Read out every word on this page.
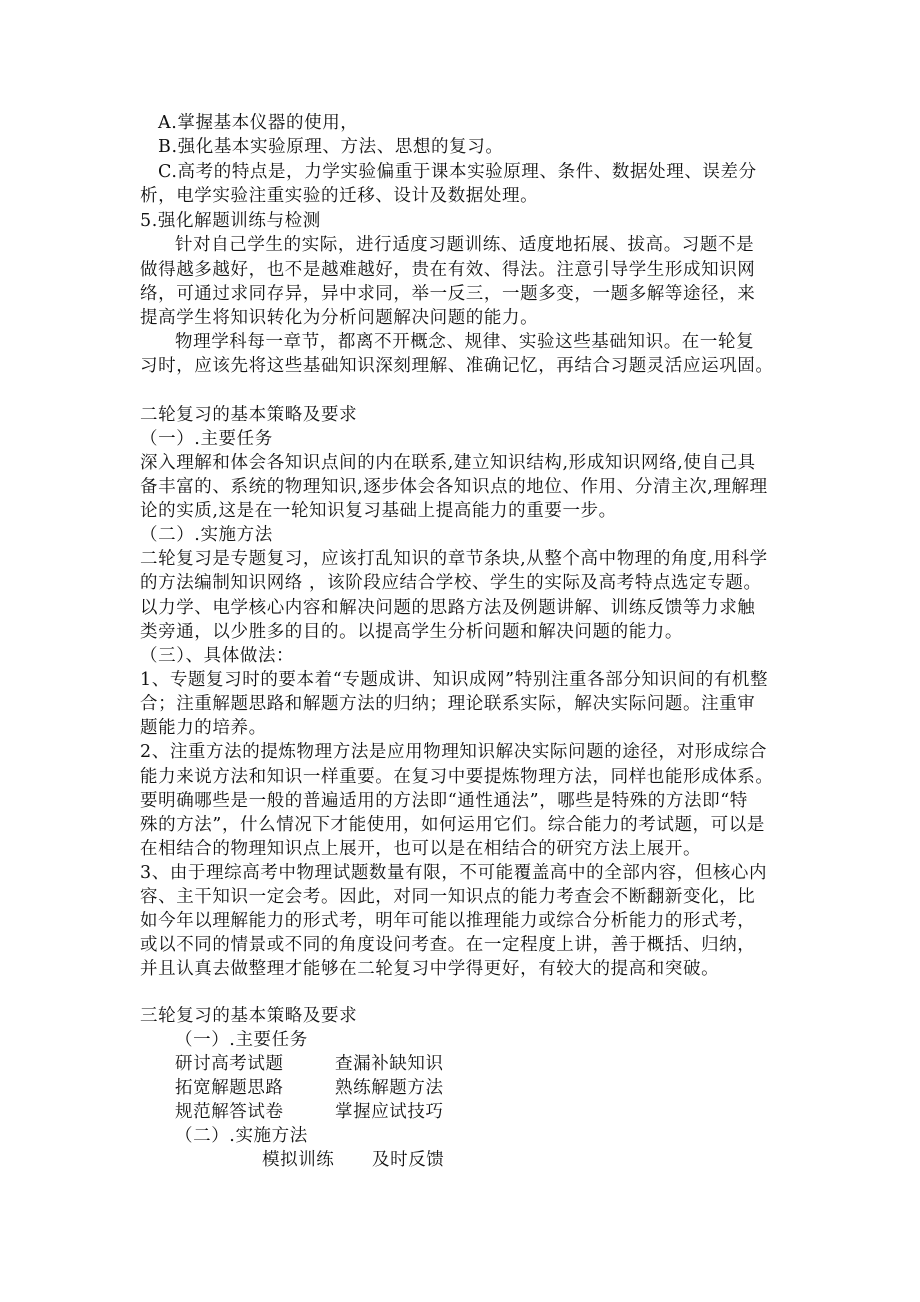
A.掌握基本仪器的使用，
B.强化基本实验原理、方法、思想的复习。
C.高考的特点是，力学实验偏重于课本实验原理、条件、数据处理、误差分
析，电学实验注重实验的迁移、设计及数据处理。
5.强化解题训练与检测
针对自己学生的实际，进行适度习题训练、适度地拓展、拔高。习题不是
做得越多越好，也不是越难越好，贵在有效、得法。注意引导学生形成知识网
络，可通过求同存异，异中求同，举一反三，一题多变，一题多解等途径，来
提高学生将知识转化为分析问题解决问题的能力。
物理学科每一章节，都离不开概念、规律、实验这些基础知识。在一轮复
习时，应该先将这些基础知识深刻理解、准确记忆，再结合习题灵活应运巩固。
二轮复习的基本策略及要求
（一）.主要任务
深入理解和体会各知识点间的内在联系,建立知识结构,形成知识网络,使自己具
备丰富的、系统的物理知识,逐步体会各知识点的地位、作用、分清主次,理解理
论的实质,这是在一轮知识复习基础上提高能力的重要一步。
（二）.实施方法
二轮复习是专题复习，应该打乱知识的章节条块,从整个高中物理的角度,用科学
的方法编制知识网络 ，该阶段应结合学校、学生的实际及高考特点选定专题。
以力学、电学核心内容和解决问题的思路方法及例题讲解、训练反馈等力求触
类旁通，以少胜多的目的。以提高学生分析问题和解决问题的能力。
（三）、具体做法：
1、专题复习时的要本着“专题成讲、知识成网”特别注重各部分知识间的有机整
合；注重解题思路和解题方法的归纳；理论联系实际，解决实际问题。注重审
题能力的培养。
2、注重方法的提炼物理方法是应用物理知识解决实际问题的途径，对形成综合
能力来说方法和知识一样重要。在复习中要提炼物理方法，同样也能形成体系。
要明确哪些是一般的普遍适用的方法即“通性通法”，哪些是特殊的方法即“特
殊的方法”，什么情况下才能使用，如何运用它们。综合能力的考试题，可以是
在相结合的物理知识点上展开，也可以是在相结合的研究方法上展开。
3、由于理综高考中物理试题数量有限，不可能覆盖高中的全部内容，但核心内
容、主干知识一定会考。因此，对同一知识点的能力考查会不断翻新变化，比
如今年以理解能力的形式考，明年可能以推理能力或综合分析能力的形式考，
或以不同的情景或不同的角度设问考查。在一定程度上讲，善于概括、归纳，
并且认真去做整理才能够在二轮复习中学得更好，有较大的提高和突破。
三轮复习的基本策略及要求
（一）.主要任务
研讨高考试题	查漏补缺知识
拓宽解题思路	熟练解题方法
规范解答试卷	掌握应试技巧
（二）.实施方法
模拟训练 及时反馈
